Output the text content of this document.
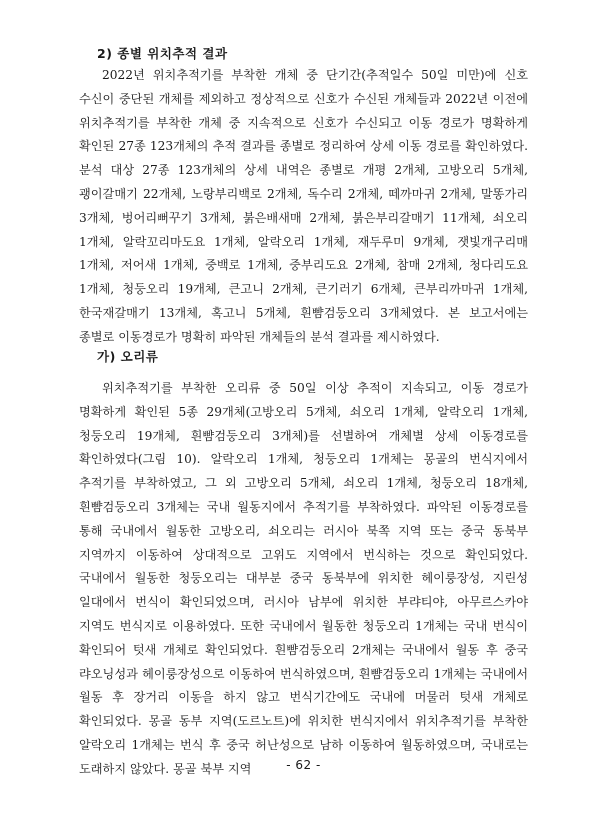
2) 종별 위치추적 결과

2022년 위치추적기를 부착한 개체 중 단기간(추적일수 50일 미만)에 신호 수신이 중단된 개체를 제외하고 정상적으로 신호가 수신된 개체들과 2022년 이전에 위치추적기를 부착한 개체 중 지속적으로 신호가 수신되고 이동 경로가 명확하게 확인된 27종 123개체의 추적 결과를 종별로 정리하여 상세 이동 경로를 확인하였다. 분석 대상 27종 123개체의 상세 내역은 종별로 개평 2개체, 고방오리 5개체, 괭이갈매기 22개체, 노랑부리백로 2개체, 독수리 2개체, 떼까마귀 2개체, 말똥가리 3개체, 벙어리뻐꾸기 3개체, 붉은배새매 2개체, 붉은부리갈매기 11개체, 쇠오리 1개체, 알락꼬리마도요 1개체, 알락오리 1개체, 재두루미 9개체, 잿빛개구리매 1개체, 저어새 1개체, 중백로 1개체, 중부리도요 2개체, 참매 2개체, 청다리도요 1개체, 청둥오리 19개체, 큰고니 2개체, 큰기러기 6개체, 큰부리까마귀 1개체, 한국재갈매기 13개체, 혹고니 5개체, 흰뺨검둥오리 3개체였다. 본 보고서에는 종별로 이동경로가 명확히 파악된 개체들의 분석 결과를 제시하였다.

가) 오리류

위치추적기를 부착한 오리류 중 50일 이상 추적이 지속되고, 이동 경로가 명확하게 확인된 5종 29개체(고방오리 5개체, 쇠오리 1개체, 알락오리 1개체, 청둥오리 19개체, 흰뺨검둥오리 3개체)를 선별하여 개체별 상세 이동경로를 확인하였다(그림 10). 알락오리 1개체, 청둥오리 1개체는 몽골의 번식지에서 추적기를 부착하였고, 그 외 고방오리 5개체, 쇠오리 1개체, 청둥오리 18개체, 흰뺨검둥오리 3개체는 국내 월동지에서 추적기를 부착하였다. 파악된 이동경로를 통해 국내에서 월동한 고방오리, 쇠오리는 러시아 북쪽 지역 또는 중국 동북부 지역까지 이동하여 상대적으로 고위도 지역에서 번식하는 것으로 확인되었다. 국내에서 월동한 청둥오리는 대부분 중국 동북부에 위치한 헤이룽장성, 지린성 일대에서 번식이 확인되었으며, 러시아 남부에 위치한 부랴티야, 아무르스카야 지역도 번식지로 이용하였다. 또한 국내에서 월동한 청둥오리 1개체는 국내 번식이 확인되어 텃새 개체로 확인되었다. 흰뺨검둥오리 2개체는 국내에서 월동 후 중국 랴오닝성과 헤이룽장성으로 이동하여 번식하였으며, 흰뺨검둥오리 1개체는 국내에서 월동 후 장거리 이동을 하지 않고 번식기간에도 국내에 머물러 텃새 개체로 확인되었다. 몽골 동부 지역(도르노트)에 위치한 번식지에서 위치추적기를 부착한 알락오리 1개체는 번식 후 중국 허난성으로 남하 이동하여 월동하였으며, 국내로는 도래하지 않았다. 몽골 북부 지역	- 62 -
